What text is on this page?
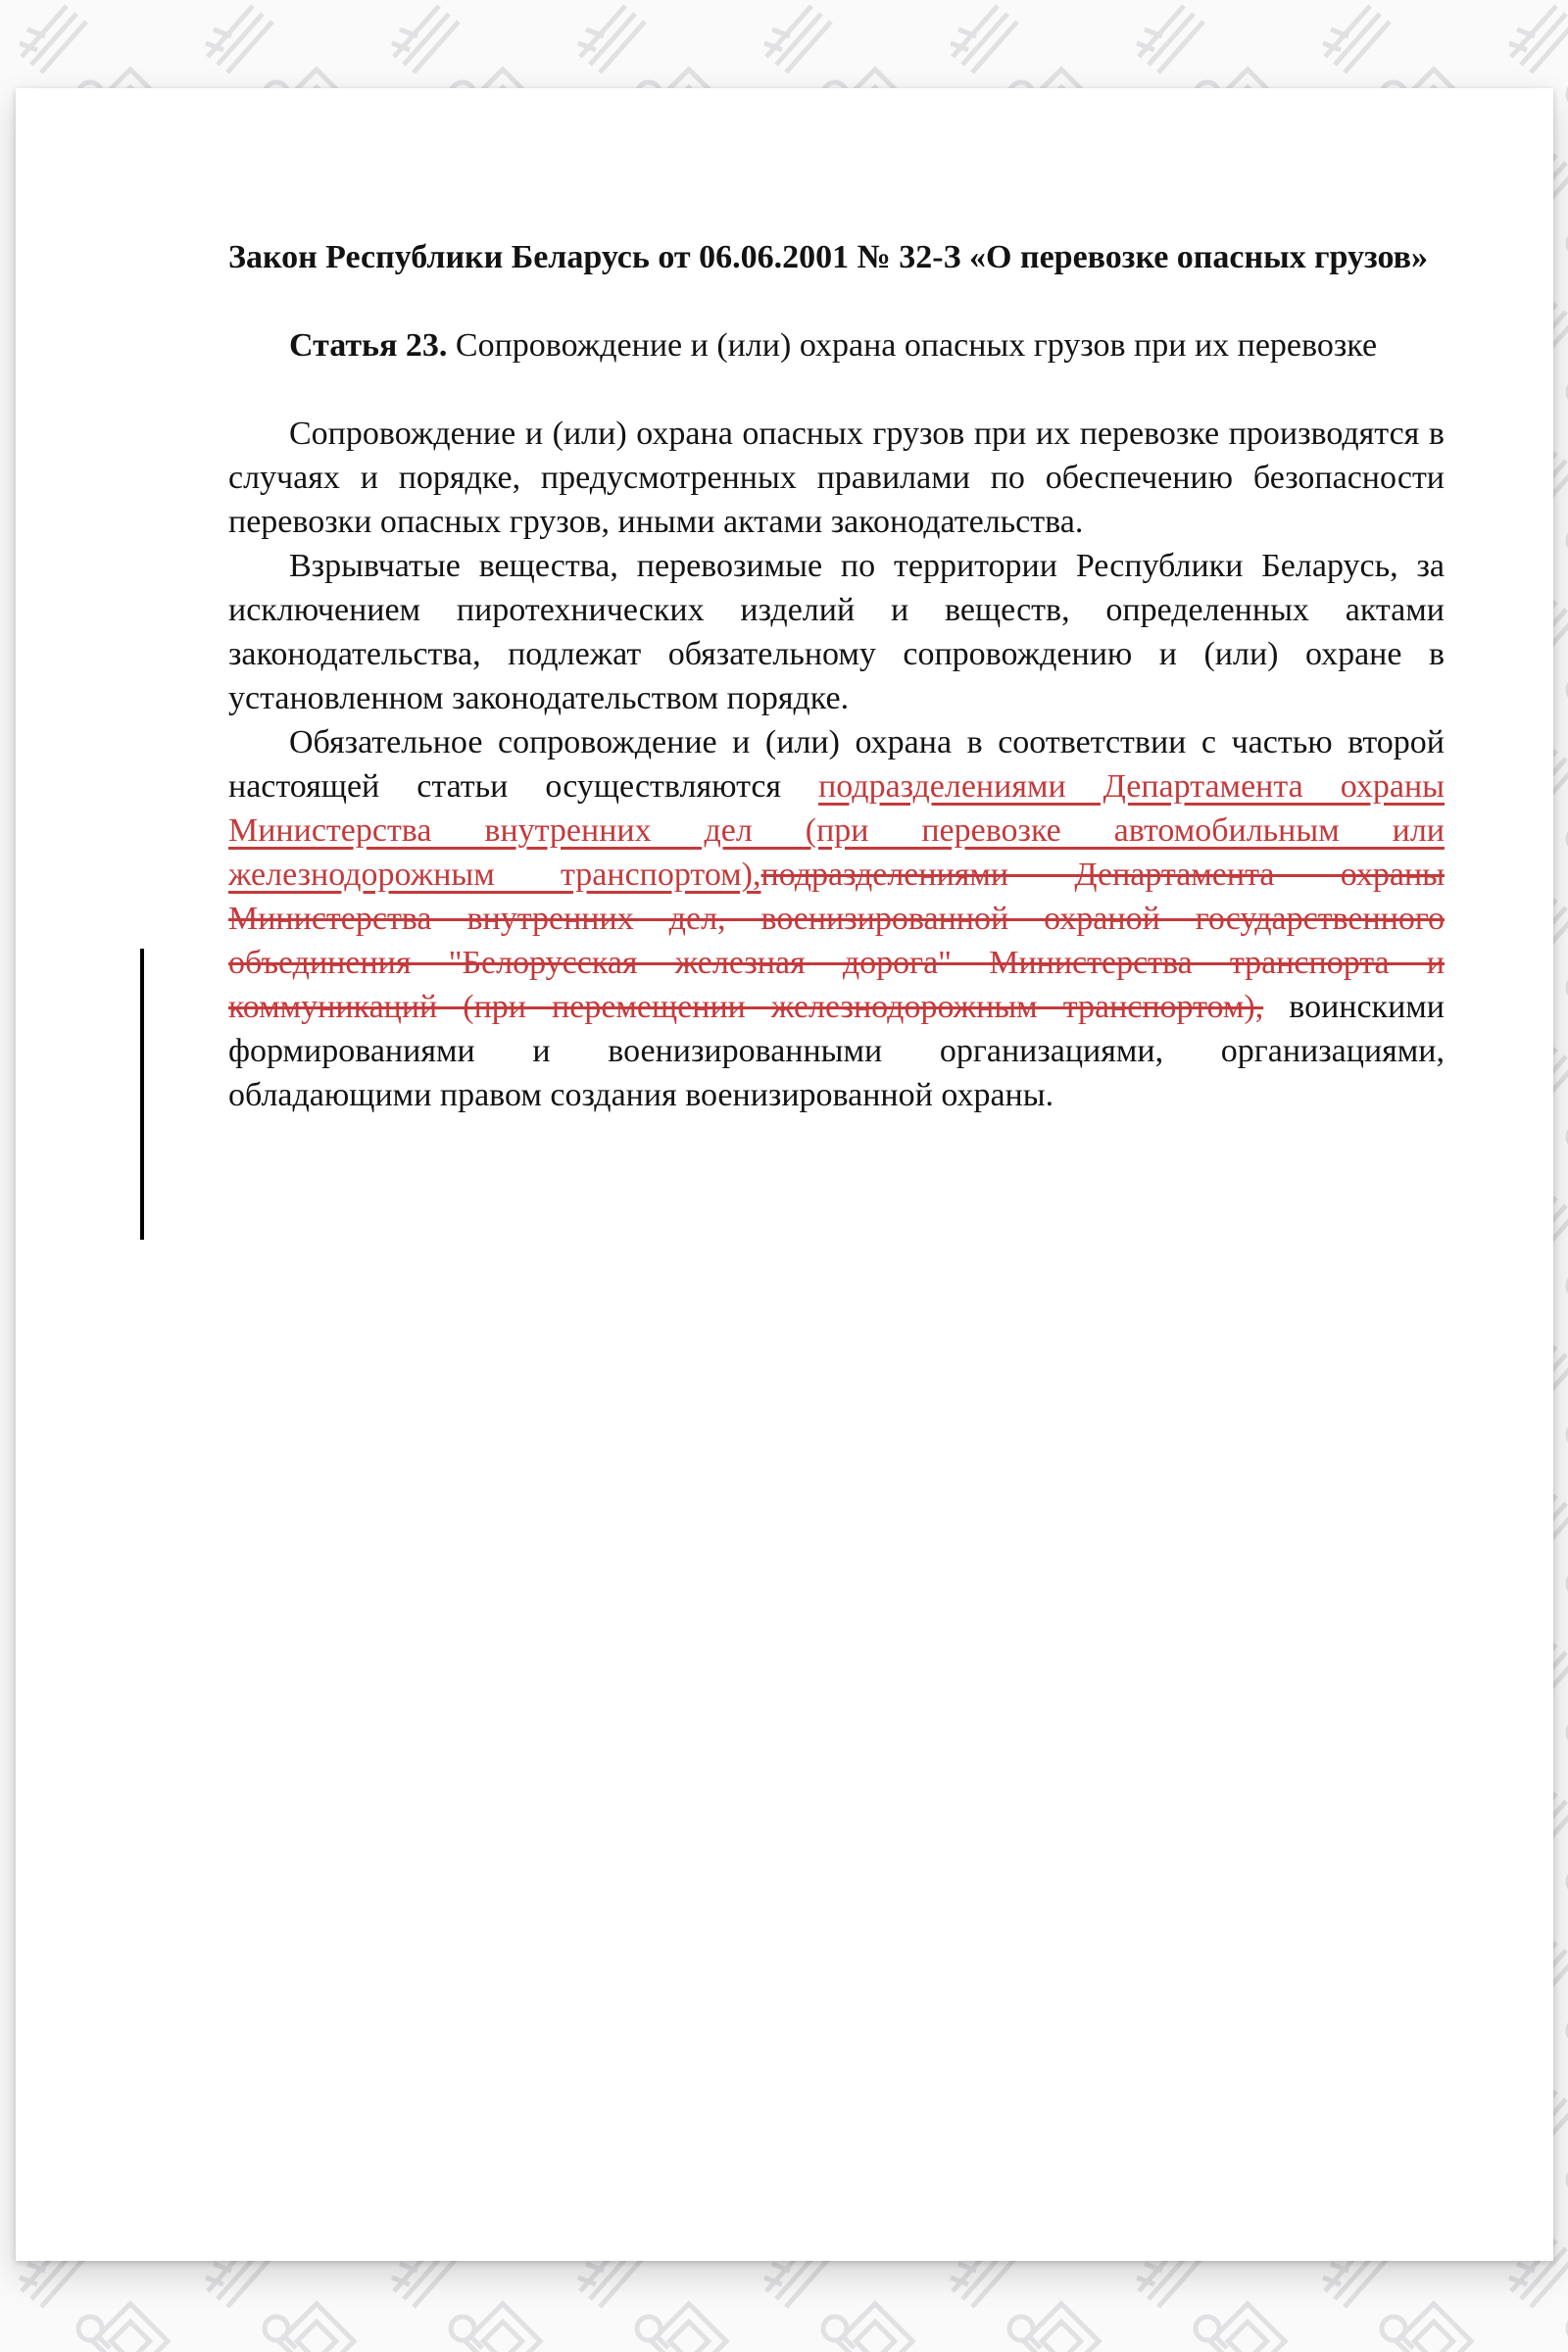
Закон Республики Беларусь от 06.06.2001 № 32-З «О перевозке опасных грузов»

Статья 23. Сопровождение и (или) охрана опасных грузов при их перевозке

Сопровождение и (или) охрана опасных грузов при их перевозке производятся в случаях и порядке, предусмотренных правилами по обеспечению безопасности перевозки опасных грузов, иными актами законодательства.

Взрывчатые вещества, перевозимые по территории Республики Беларусь, за исключением пиротехнических изделий и веществ, определенных актами законодательства, подлежат обязательному сопровождению и (или) охране в установленном законодательством порядке.

Обязательное сопровождение и (или) охрана в соответствии с частью второй настоящей статьи осуществляются подразделениями Департамента охраны Министерства внутренних дел (при перевозке автомобильным или железнодорожным транспортом),подразделениями Департамента охраны Министерства внутренних дел, военизированной охраной государственного объединения "Белорусская железная дорога" Министерства транспорта и коммуникаций (при перемещении железнодорожным транспортом), воинскими формированиями и военизированными организациями, организациями, обладающими правом создания военизированной охраны.
